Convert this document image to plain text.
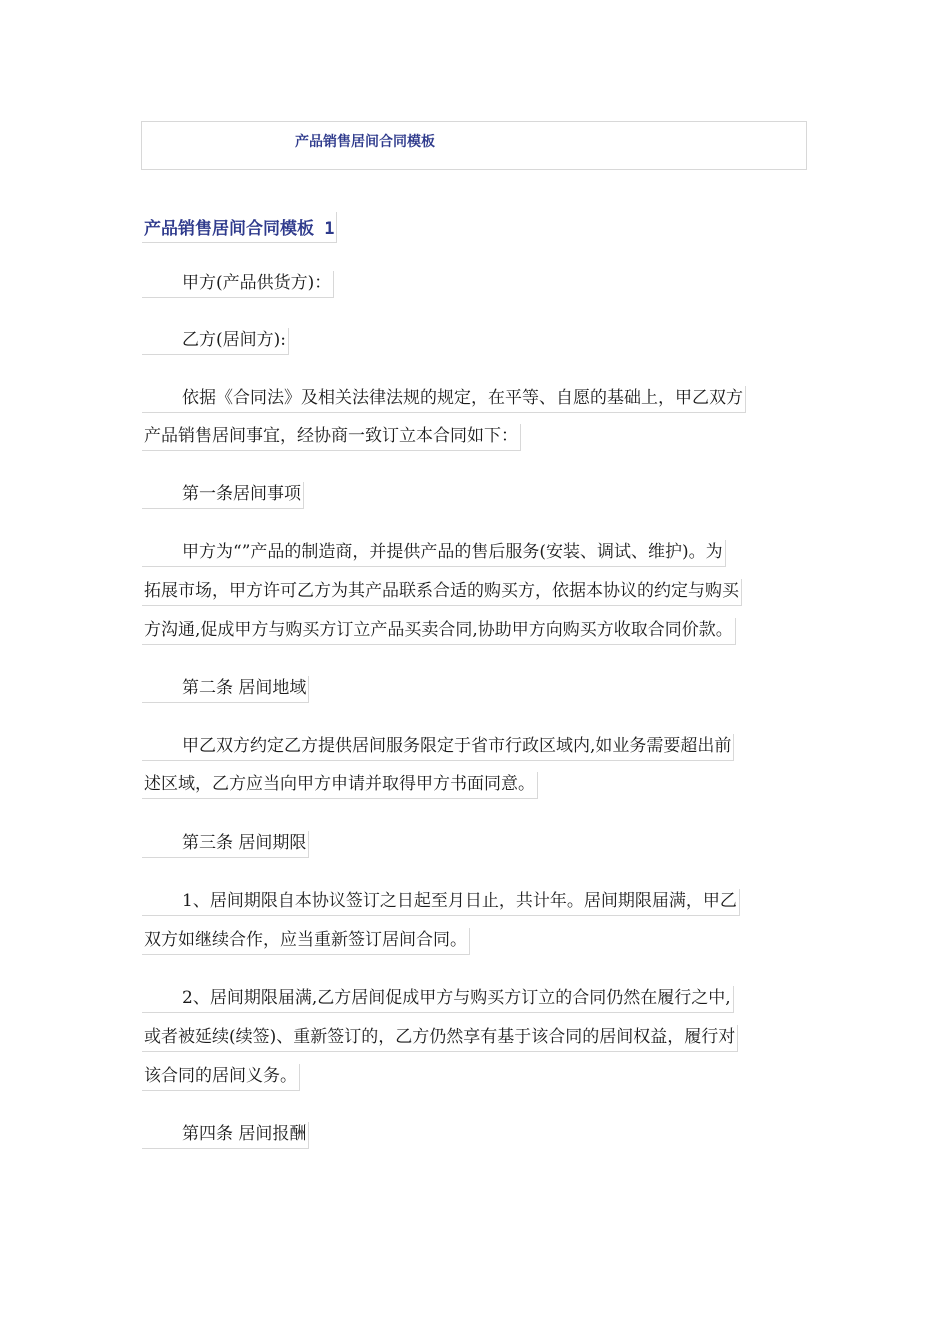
产品销售居间合同模板
产品销售居间合同模板 1
甲方(产品供货方)：
乙方(居间方):
依据《合同法》及相关法律法规的规定，在平等、自愿的基础上，甲乙双方
产品销售居间事宜，经协商一致订立本合同如下：
第一条居间事项
甲方为“”产品的制造商，并提供产品的售后服务(安装、调试、维护)。为
拓展市场，甲方许可乙方为其产品联系合适的购买方，依据本协议的约定与购买
方沟通,促成甲方与购买方订立产品买卖合同,协助甲方向购买方收取合同价款。
第二条 居间地域
甲乙双方约定乙方提供居间服务限定于省市行政区域内,如业务需要超出前
述区域，乙方应当向甲方申请并取得甲方书面同意。
第三条 居间期限
1、居间期限自本协议签订之日起至月日止，共计年。居间期限届满，甲乙
双方如继续合作，应当重新签订居间合同。
2、居间期限届满,乙方居间促成甲方与购买方订立的合同仍然在履行之中,
或者被延续(续签)、重新签订的，乙方仍然享有基于该合同的居间权益，履行对
该合同的居间义务。
第四条 居间报酬
